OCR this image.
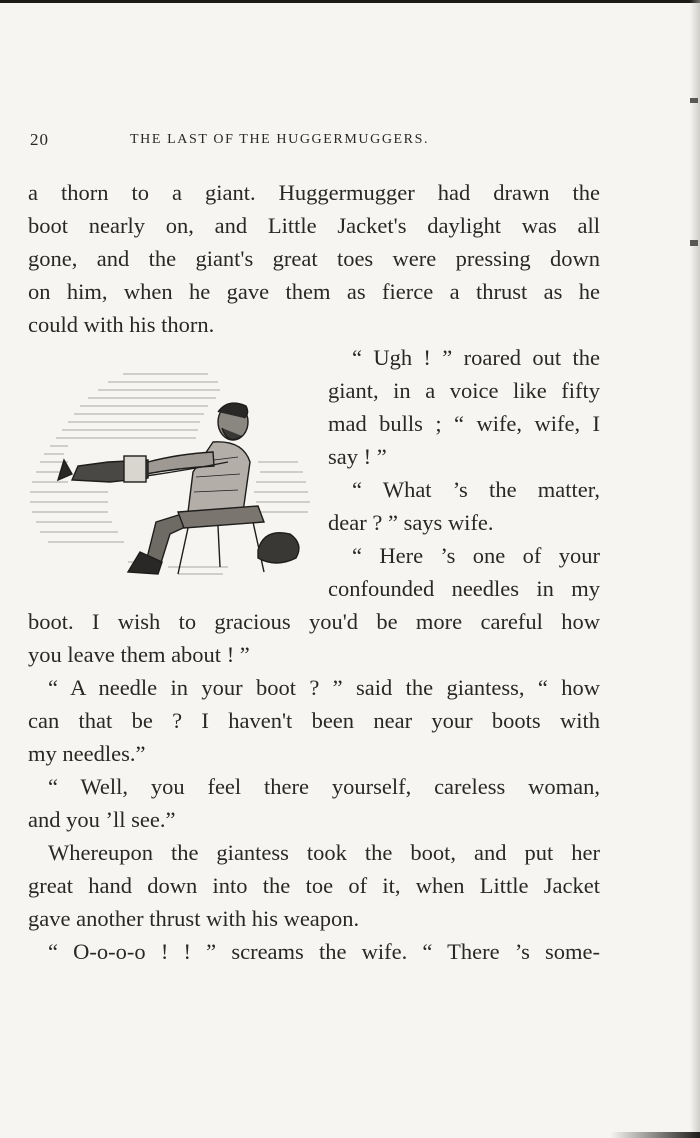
20	THE LAST OF THE HUGGERMUGGERS.
a thorn to a giant. Huggermugger had drawn the
boot nearly on, and Little Jacket's daylight was all
gone, and the giant's great toes were pressing down
on him, when he gave them as fierce a thrust as he
could with his thorn.
“ Ugh ! ” roared out the
giant, in a voice like fifty
mad bulls ; “ wife, wife, I
say ! ”
“ What ’s the matter,
dear ? ” says wife.
“ Here ’s one of your
confounded needles in my
boot. I wish to gracious you'd be more careful how
you leave them about ! ”
“ A needle in your boot ? ” said the giantess, “ how
can that be ? I haven't been near your boots with
my needles.”
“ Well, you feel there yourself, careless woman,
and you ’ll see.”
Whereupon the giantess took the boot, and put her
great hand down into the toe of it, when Little Jacket
gave another thrust with his weapon.
“ O-o-o-o ! ! ” screams the wife. “ There ’s some-
